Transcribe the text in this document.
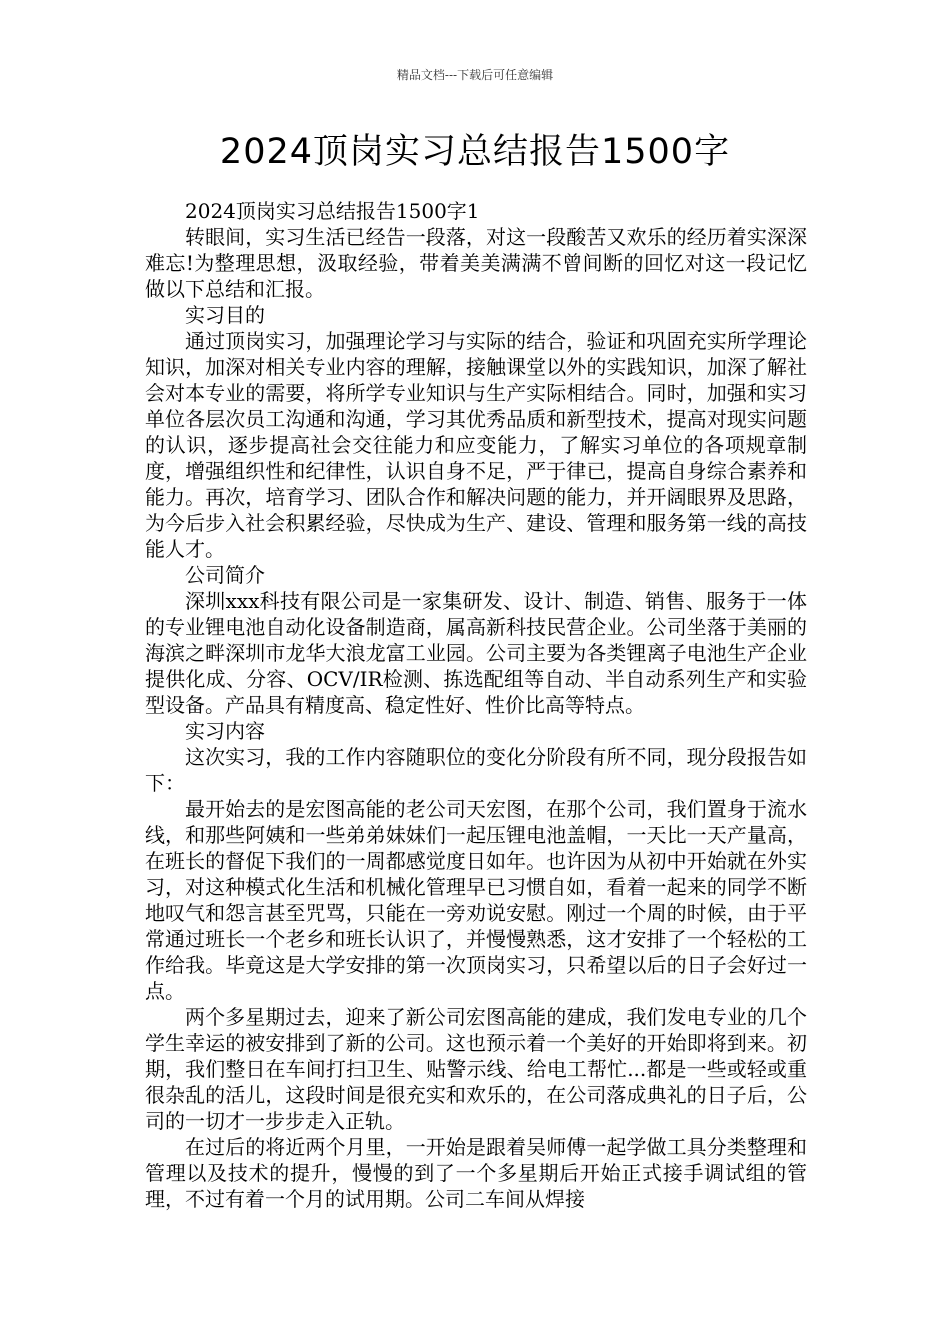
精品文档---下载后可任意编辑
2024顶岗实习总结报告1500字

2024顶岗实习总结报告1500字1

转眼间，实习生活已经告一段落，对这一段酸苦又欢乐的经历着实深深难忘!为整理思想，汲取经验，带着美美满满不曾间断的回忆对这一段记忆做以下总结和汇报。

实习目的

通过顶岗实习，加强理论学习与实际的结合，验证和巩固充实所学理论知识，加深对相关专业内容的理解，接触课堂以外的实践知识，加深了解社会对本专业的需要，将所学专业知识与生产实际相结合。同时，加强和实习单位各层次员工沟通和沟通，学习其优秀品质和新型技术，提高对现实问题的认识，逐步提高社会交往能力和应变能力，了解实习单位的各项规章制度，增强组织性和纪律性，认识自身不足，严于律已，提高自身综合素养和能力。再次，培育学习、团队合作和解决问题的能力，并开阔眼界及思路，为今后步入社会积累经验，尽快成为生产、建设、管理和服务第一线的高技能人才。

公司简介

深圳xxx科技有限公司是一家集研发、设计、制造、销售、服务于一体的专业锂电池自动化设备制造商，属高新科技民营企业。公司坐落于美丽的海滨之畔深圳市龙华大浪龙富工业园。公司主要为各类锂离子电池生产企业提供化成、分容、OCV/IR检测、拣选配组等自动、半自动系列生产和实验型设备。产品具有精度高、稳定性好、性价比高等特点。

实习内容

这次实习，我的工作内容随职位的变化分阶段有所不同，现分段报告如下：

最开始去的是宏图高能的老公司天宏图，在那个公司，我们置身于流水线，和那些阿姨和一些弟弟妹妹们一起压锂电池盖帽，一天比一天产量高，在班长的督促下我们的一周都感觉度日如年。也许因为从初中开始就在外实习，对这种模式化生活和机械化管理早已习惯自如，看着一起来的同学不断地叹气和怨言甚至咒骂，只能在一旁劝说安慰。刚过一个周的时候，由于平常通过班长一个老乡和班长认识了，并慢慢熟悉，这才安排了一个轻松的工作给我。毕竟这是大学安排的第一次顶岗实习，只希望以后的日子会好过一点。

两个多星期过去，迎来了新公司宏图高能的建成，我们发电专业的几个学生幸运的被安排到了新的公司。这也预示着一个美好的开始即将到来。初期，我们整日在车间打扫卫生、贴警示线、给电工帮忙...都是一些或轻或重很杂乱的活儿，这段时间是很充实和欢乐的，在公司落成典礼的日子后，公司的一切才一步步走入正轨。

在过后的将近两个月里，一开始是跟着吴师傅一起学做工具分类整理和管理以及技术的提升，慢慢的到了一个多星期后开始正式接手调试组的管理，不过有着一个月的试用期。公司二车间从焊接
